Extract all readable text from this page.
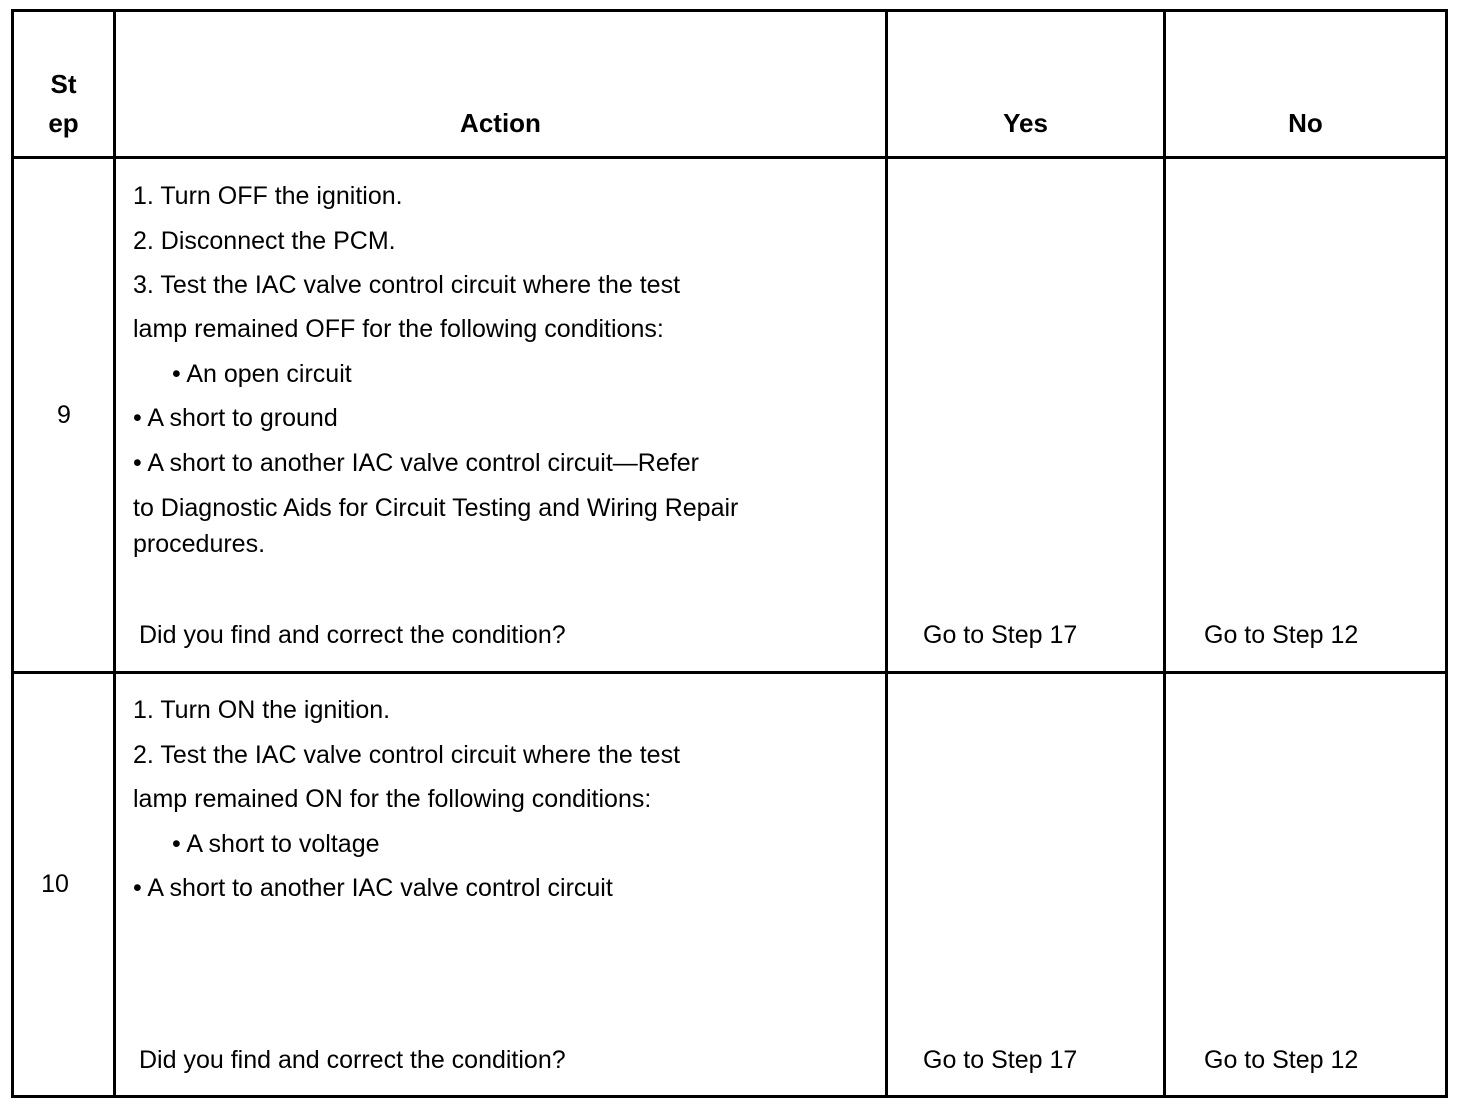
St
ep	Action	Yes	No
9
1. Turn OFF the ignition.
2. Disconnect the PCM.
3. Test the IAC valve control circuit where the test
lamp remained OFF for the following conditions:
• An open circuit
• A short to ground
• A short to another IAC valve control circuit—Refer
to Diagnostic Aids for Circuit Testing and Wiring Repair
procedures.
Did you find and correct the condition?	Go to Step 17	Go to Step 12
10
1. Turn ON the ignition.
2. Test the IAC valve control circuit where the test
lamp remained ON for the following conditions:
• A short to voltage
• A short to another IAC valve control circuit
Did you find and correct the condition?	Go to Step 17	Go to Step 12
